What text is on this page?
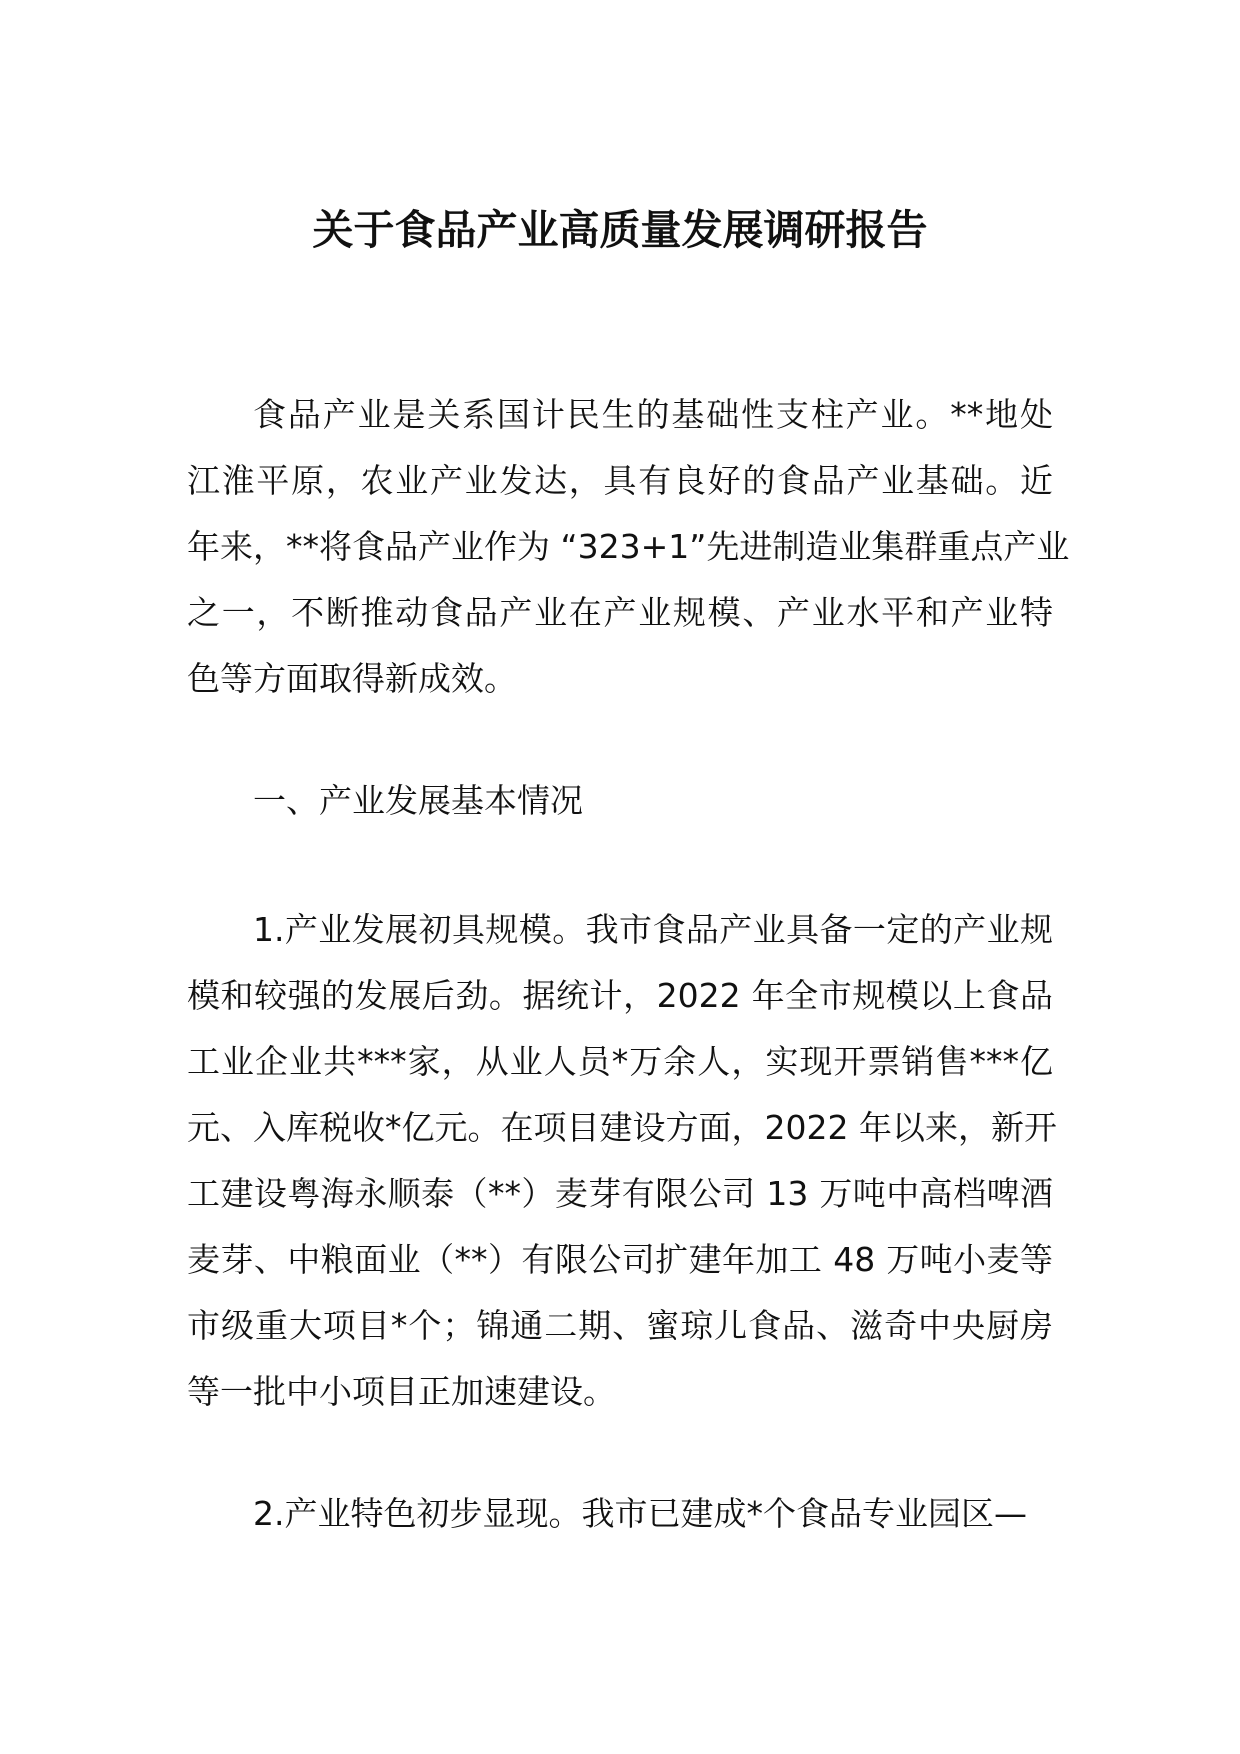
关于食品产业高质量发展调研报告
食品产业是关系国计民生的基础性支柱产业。**地处
江淮平原，农业产业发达，具有良好的食品产业基础。近
年来，**将食品产业作为 “323+1”先进制造业集群重点产业
之一，不断推动食品产业在产业规模、产业水平和产业特
色等方面取得新成效。
一、产业发展基本情况
1.产业发展初具规模。我市食品产业具备一定的产业规
模和较强的发展后劲。据统计，2022 年全市规模以上食品
工业企业共***家，从业人员*万余人，实现开票销售***亿
元、入库税收*亿元。在项目建设方面，2022 年以来，新开
工建设粤海永顺泰（**）麦芽有限公司 13 万吨中高档啤酒
麦芽、中粮面业（**）有限公司扩建年加工 48 万吨小麦等
市级重大项目*个；锦通二期、蜜琼儿食品、滋奇中央厨房
等一批中小项目正加速建设。
2.产业特色初步显现。我市已建成*个食品专业园区—
